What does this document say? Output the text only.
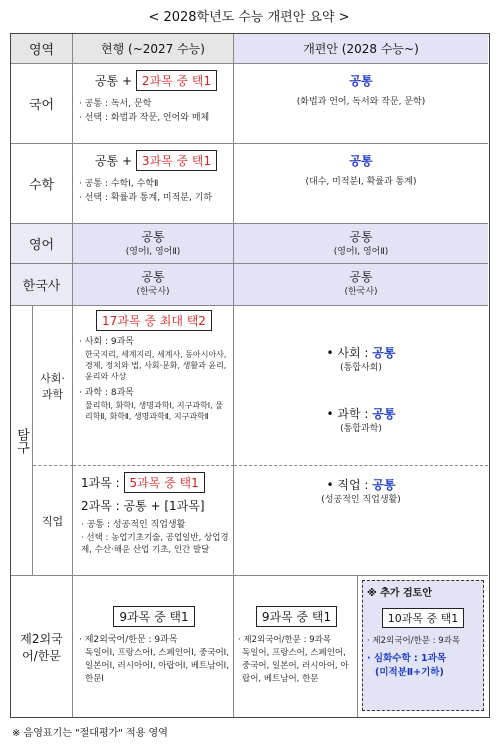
< 2028학년도 수능 개편안 요약 >
영역	현행 (~2027 수능)	개편안 (2028 수능~)
국어
공통 + 2과목 중 택1
· 공통 : 독서, 문학
· 선택 : 화법과 작문, 언어와 매체
공통
(화법과 언어, 독서와 작문, 문학)
수학
공통 + 3과목 중 택1
· 공통 : 수학Ⅰ, 수학Ⅱ
· 선택 : 확률과 통계, 미적분, 기하
공통
(대수, 미적분Ⅰ, 확률과 통계)
영어
공통
(영어Ⅰ, 영어Ⅱ)
공통
(영어Ⅰ, 영어Ⅱ)
한국사
공통
(한국사)
공통
(한국사)
탐구
사회·과학
17과목 중 최대 택2
· 사회 : 9과목
한국지리, 세계지리, 세계사, 동아시아사, 경제, 정치와 법, 사회·문화, 생활과 윤리, 윤리와 사상
· 과학 : 8과목
물리학Ⅰ, 화학Ⅰ, 생명과학Ⅰ, 지구과학Ⅰ, 물리학Ⅱ, 화학Ⅱ, 생명과학Ⅱ, 지구과학Ⅱ
• 사회 : 공통
(통합사회)
• 과학 : 공통
(통합과학)
직업
1과목 : 5과목 중 택1
2과목 : 공통 + [1과목]
· 공통 : 성공적인 직업생활
· 선택 : 농업기초기술, 공업일반, 상업경제, 수산·해운 산업 기초, 인간 발달
• 직업 : 공통
(성공적인 직업생활)
제2외국어/한문
9과목 중 택1
· 제2외국어/한문 : 9과목
독일어Ⅰ, 프랑스어Ⅰ, 스페인어Ⅰ, 중국어Ⅰ, 일본어Ⅰ, 러시아어Ⅰ, 아랍어Ⅰ, 베트남어Ⅰ, 한문Ⅰ
9과목 중 택1
· 제2외국어/한문 : 9과목
독일어, 프랑스어, 스페인어, 중국어, 일본어, 러시아어, 아랍어, 베트남어, 한문
※ 추가 검토안
10과목 중 택1
· 제2외국어/한문 : 9과목
· 심화수학 : 1과목
(미적분Ⅱ+기하)
※ 음영표기는 "절대평가" 적용 영역
